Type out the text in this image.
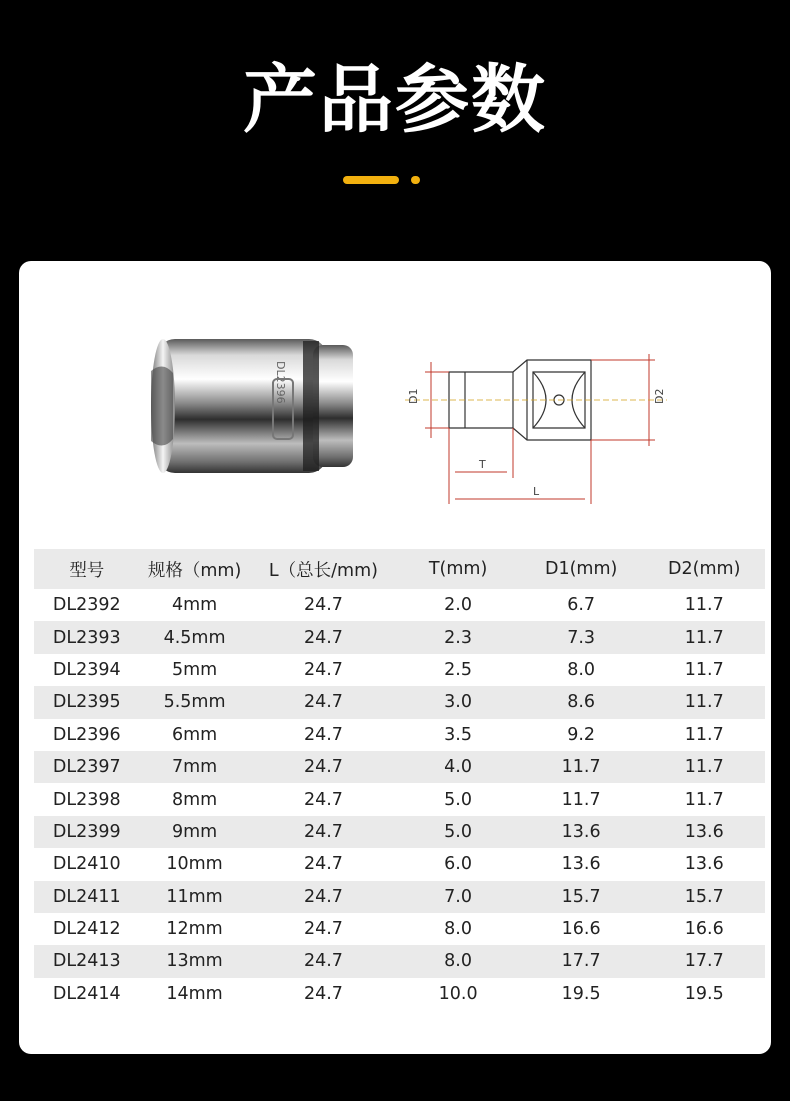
产品参数
DL2396	D1	D2
T
L
型号	规格（mm)	L（总长/mm)	T(mm)	D1(mm)	D2(mm)
DL2392	4mm	24.7	2.0	6.7	11.7
DL2393	4.5mm	24.7	2.3	7.3	11.7
DL2394	5mm	24.7	2.5	8.0	11.7
DL2395	5.5mm	24.7	3.0	8.6	11.7
DL2396	6mm	24.7	3.5	9.2	11.7
DL2397	7mm	24.7	4.0	11.7	11.7
DL2398	8mm	24.7	5.0	11.7	11.7
DL2399	9mm	24.7	5.0	13.6	13.6
DL2410	10mm	24.7	6.0	13.6	13.6
DL2411	11mm	24.7	7.0	15.7	15.7
DL2412	12mm	24.7	8.0	16.6	16.6
DL2413	13mm	24.7	8.0	17.7	17.7
DL2414	14mm	24.7	10.0	19.5	19.5
